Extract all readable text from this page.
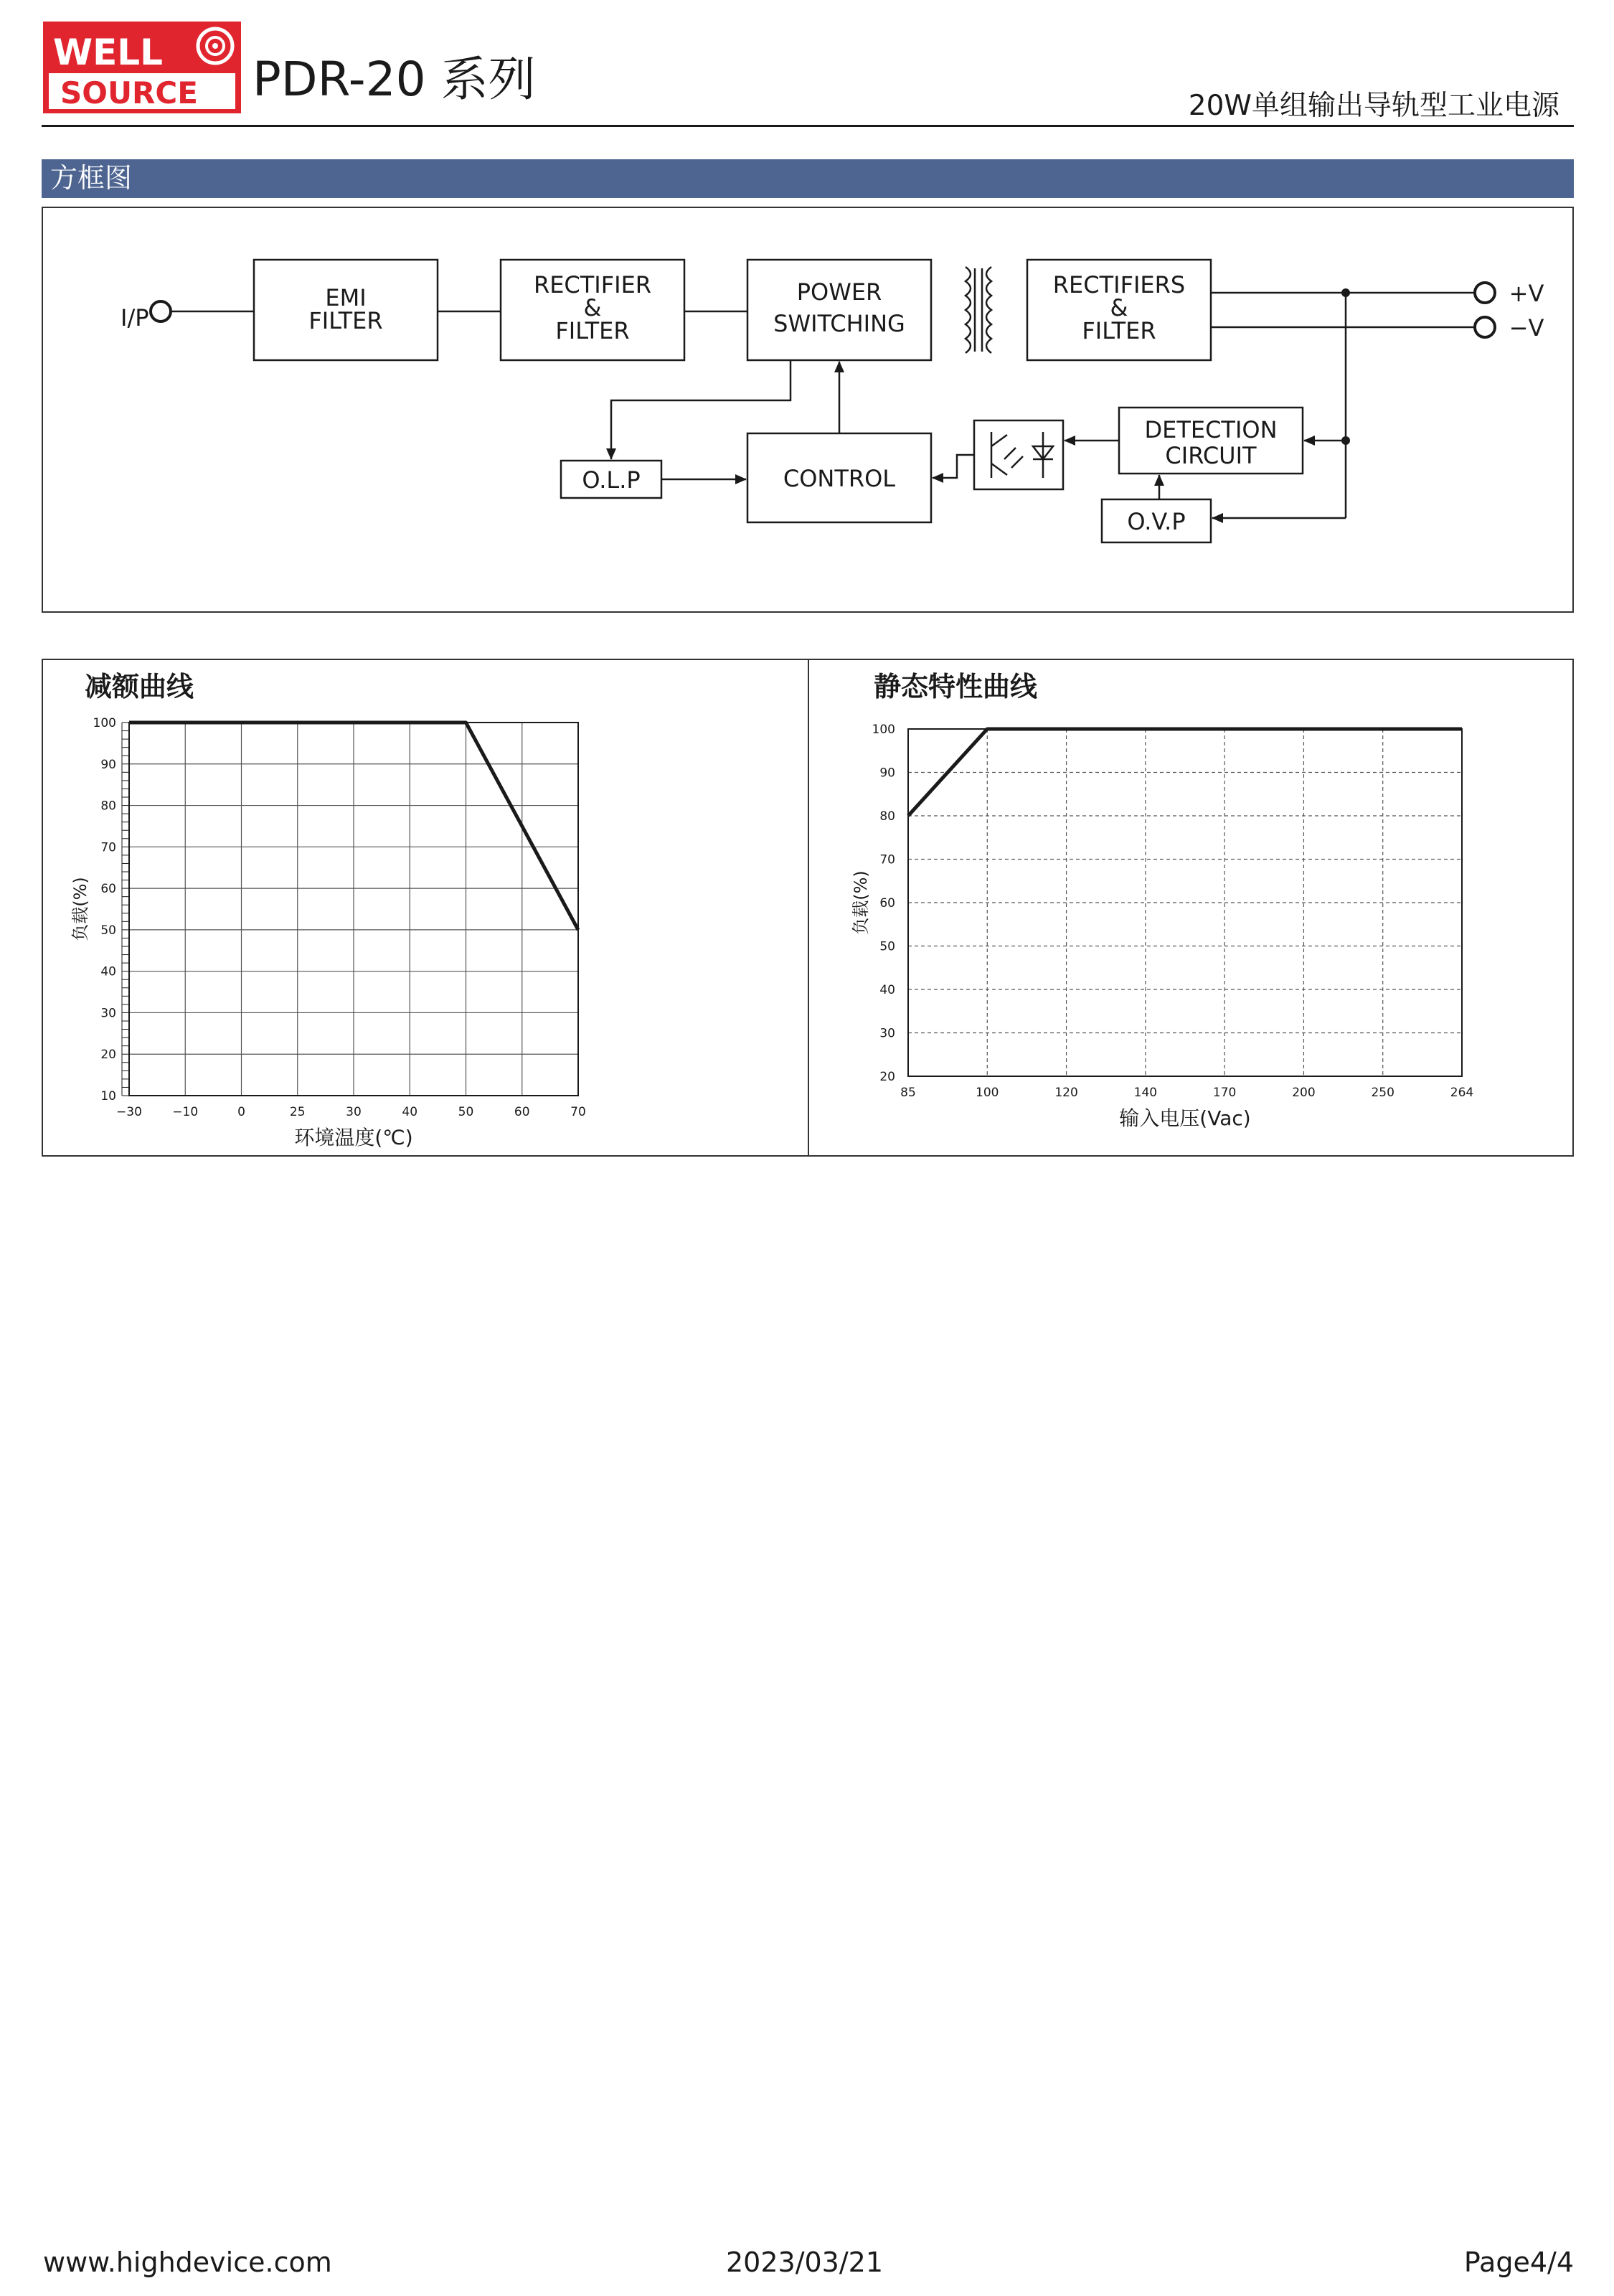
WELL
SOURCE PDR-20 系列	20W单组输出导轨型工业电源
方框图
I/P
EMI
FILTER
RECTIFIER
&
FILTER
POWER
SWITCHING
RECTIFIERS
&
FILTER
+V
−V
DETECTION
CIRCUIT
O.V.P
CONTROL
O.L.P
减额曲线	静态特性曲线
−30 −10	0	25	30	40	50	60	70
10
20
30
40
50
60
70
80
90
100
环境温度(℃)
负载(%)
85	100	120	140	170	200	250	264
20
30
40
50
60
70
80
90
100
输入电压(Vac)
负载(%)
www.highdevice.com	2023/03/21	Page4/4
